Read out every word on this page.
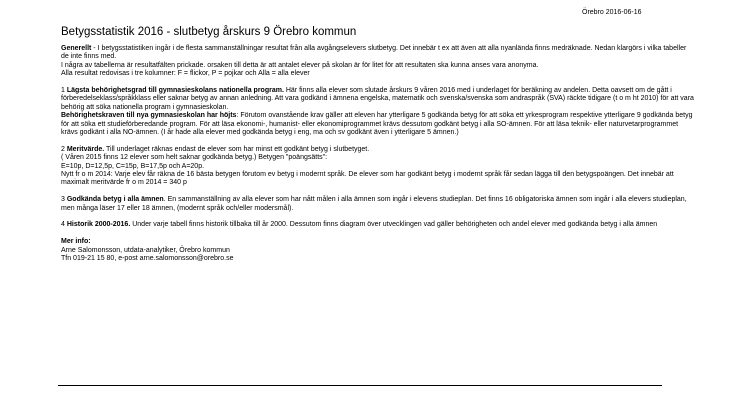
Örebro 2016-06-16
Betygsstatistik 2016 - slutbetyg årskurs 9 Örebro kommun

Generellt - I betygsstatistiken ingår i de flesta sammanställningar resultat från alla avgångselevers slutbetyg. Det innebär t ex att även att alla nyanlända finns medräknade. Nedan klargörs i vilka tabeller de inte finns med.
I några av tabellerna är resultatfälten prickade. orsaken till detta är att antalet elever på skolan är för litet för att resultaten ska kunna anses vara anonyma.
Alla resultat redovisas i tre kolumner: F = flickor, P = pojkar och Alla = alla elever

1 Lägsta behörighetsgrad till gymnasieskolans nationella program. Här finns alla elever som slutade årskurs 9 våren 2016 med i underlaget för beräkning av andelen. Detta oavsett om de gått i förberedelseklass/språkklass eller saknar betyg av annan anledning. Att vara godkänd i ämnena engelska, matematik och svenska/svenska som andraspråk (SVA) räckte tidigare (t o m ht 2010) för att vara behörig att söka nationella program i gymnasieskolan.

Behörighetskraven till nya gymnasieskolan har höjts: Förutom ovanstående krav gäller att eleven har ytterligare 5 godkända betyg för att söka ett yrkesprogram respektive ytterligare 9 godkända betyg för att söka ett studieförberedande program. För att läsa ekonomi-, humanist- eller ekonomiprogrammet krävs dessutom godkänt betyg i alla SO-ämnen. För att läsa teknik- eller naturvetarprogrammet krävs godkänt i alla NO-ämnen. (I år hade alla elever med godkända betyg i eng, ma och sv godkänt även i ytterligare 5 ämnen.)

2 Meritvärde. Till underlaget räknas endast de elever som har minst ett godkänt betyg i slutbetyget.
( Våren 2015 finns 12 elever som helt saknar godkända betyg.) Betygen "poängsätts":
E=10p, D=12,5p, C=15p, B=17,5p och A=20p.
Nytt fr o m 2014: Varje elev får räkna de 16 bästa betygen förutom ev betyg i modernt språk. De elever som har godkänt betyg i modernt språk får sedan lägga till den betygspoängen. Det innebär att maximalt meritvärde fr o m 2014 = 340 p

3 Godkända betyg i alla ämnen. En sammanställning av alla elever som har nått målen i alla ämnen som ingår i elevens studieplan. Det finns 16 obligatoriska ämnen som ingår i alla elevers studieplan, men många läser 17 eller 18 ämnen, (modernt språk och/eller modersmål).

4 Historik 2000-2016. Under varje tabell finns historik tillbaka till år 2000. Dessutom finns diagram över utvecklingen vad gäller behörigheten och andel elever med godkända betyg i alla ämnen

Mer info:
Arne Salomonsson, utdata-analytiker, Örebro kommun
Tfn 019-21 15 80, e-post arne.salomonsson@orebro.se
